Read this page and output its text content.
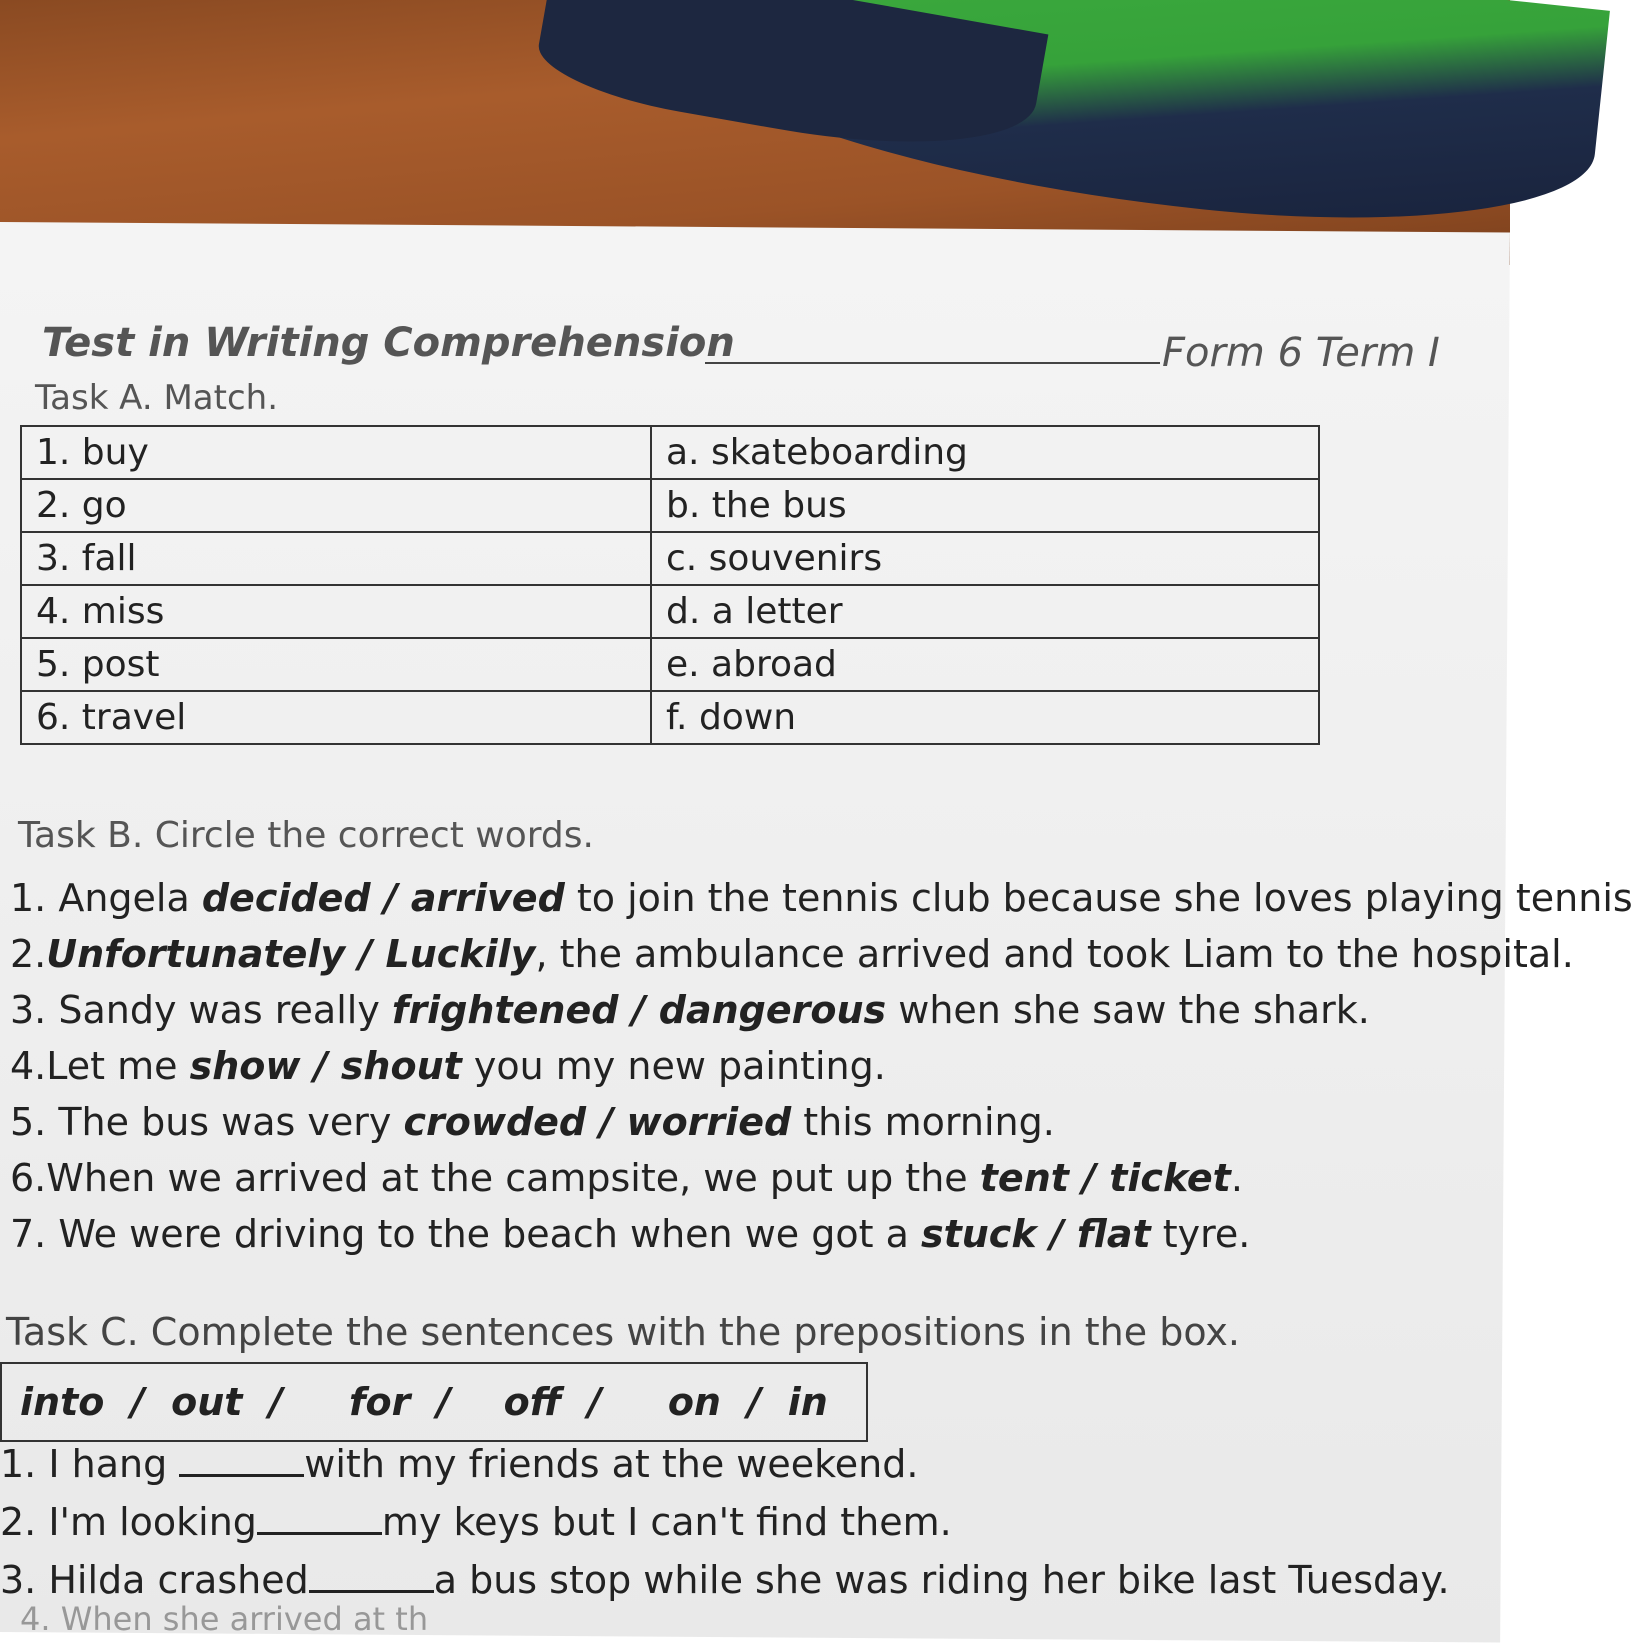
Test in Writing Comprehension	Form 6 Term I
Task A. Match.
1. buy	a. skateboarding
2. go	b. the bus
3. fall	c. souvenirs
4. miss	d. a letter
5. post	e. abroad
6. travel	f. down
Task B. Circle the correct words.
1. Angela decided / arrived to join the tennis club because she loves playing tennis
2.Unfortunately / Luckily, the ambulance arrived and took Liam to the hospital.
3. Sandy was really frightened / dangerous when she saw the shark.
4.Let me show / shout you my new painting.
5. The bus was very crowded / worried this morning.
6.When we arrived at the campsite, we put up the tent / ticket.
7. We were driving to the beach when we got a stuck / flat tyre.
Task C. Complete the sentences with the prepositions in the box.
into  /  out  /     for  /    off  /     on  /  in
1. I hang	with my friends at the weekend.
2. I'm looking	my keys but I can't find them.
3. Hilda crashed	a bus stop while she was riding her bike last Tuesday.
4. When she arrived at th
